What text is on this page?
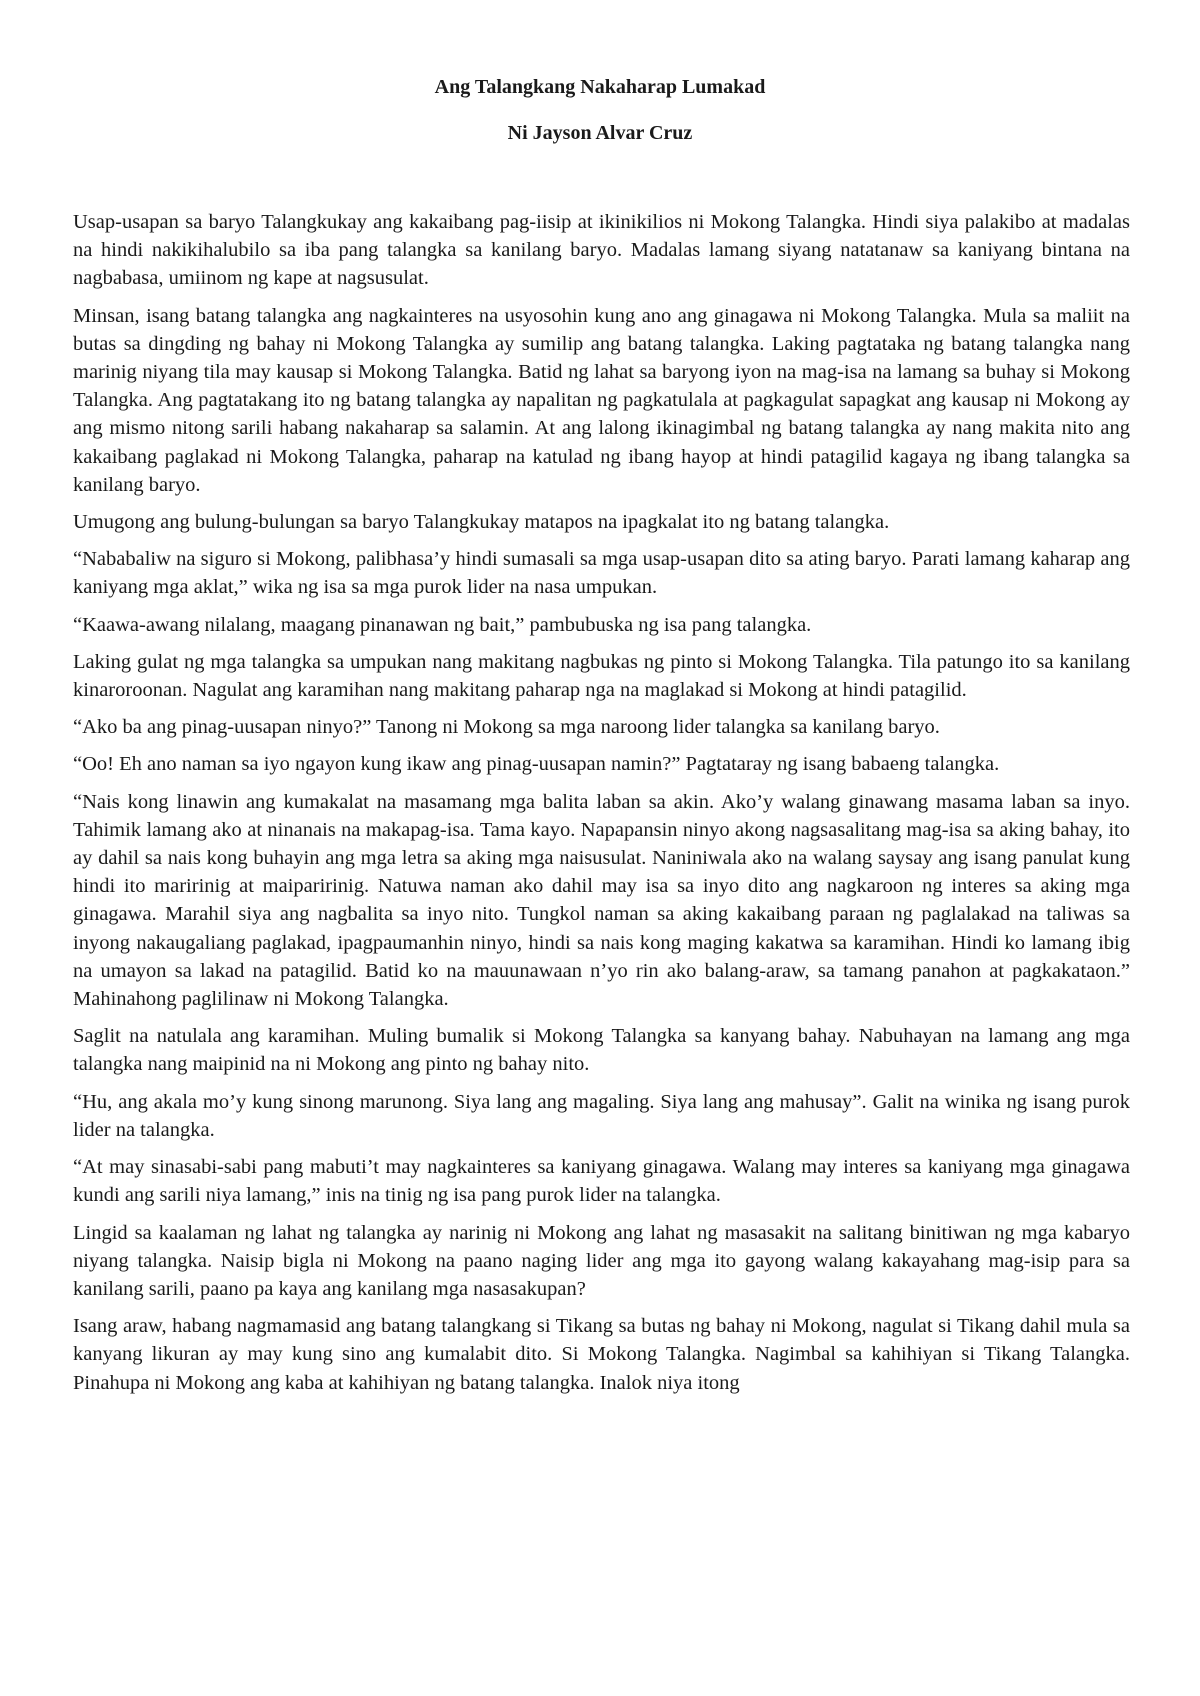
Ang Talangkang Nakaharap Lumakad
Ni Jayson Alvar Cruz

Usap-usapan sa baryo Talangkukay ang kakaibang pag-iisip at ikinikilios ni Mokong Talangka. Hindi siya palakibo at madalas na hindi nakikihalubilo sa iba pang talangka sa kanilang baryo. Madalas lamang siyang natatanaw sa kaniyang bintana na nagbabasa, umiinom ng kape at nagsusulat.

Minsan, isang batang talangka ang nagkainteres na usyosohin kung ano ang ginagawa ni Mokong Talangka. Mula sa maliit na butas sa dingding ng bahay ni Mokong Talangka ay sumilip ang batang talangka. Laking pagtataka ng batang talangka nang marinig niyang tila may kausap si Mokong Talangka. Batid ng lahat sa baryong iyon na mag-isa na lamang sa buhay si Mokong Talangka. Ang pagtatakang ito ng batang talangka ay napalitan ng pagkatulala at pagkagulat sapagkat ang kausap ni Mokong ay ang mismo nitong sarili habang nakaharap sa salamin. At ang lalong ikinagimbal ng batang talangka ay nang makita nito ang kakaibang paglakad ni Mokong Talangka, paharap na katulad ng ibang hayop at hindi patagilid kagaya ng ibang talangka sa kanilang baryo.

Umugong ang bulung-bulungan sa baryo Talangkukay matapos na ipagkalat ito ng batang talangka.

“Nababaliw na siguro si Mokong, palibhasa’y hindi sumasali sa mga usap-usapan dito sa ating baryo. Parati lamang kaharap ang kaniyang mga aklat,” wika ng isa sa mga purok lider na nasa umpukan.

“Kaawa-awang nilalang, maagang pinanawan ng bait,” pambubuska ng isa pang talangka.

Laking gulat ng mga talangka sa umpukan nang makitang nagbukas ng pinto si Mokong Talangka. Tila patungo ito sa kanilang kinaroroonan. Nagulat ang karamihan nang makitang paharap nga na maglakad si Mokong at hindi patagilid.

“Ako ba ang pinag-uusapan ninyo?” Tanong ni Mokong sa mga naroong lider talangka sa kanilang baryo.

“Oo! Eh ano naman sa iyo ngayon kung ikaw ang pinag-uusapan namin?” Pagtataray ng isang babaeng talangka.

“Nais kong linawin ang kumakalat na masamang mga balita laban sa akin. Ako’y walang ginawang masama laban sa inyo. Tahimik lamang ako at ninanais na makapag-isa. Tama kayo. Napapansin ninyo akong nagsasalitang mag-isa sa aking bahay, ito ay dahil sa nais kong buhayin ang mga letra sa aking mga naisusulat. Naniniwala ako na walang saysay ang isang panulat kung hindi ito maririnig at maiparirinig. Natuwa naman ako dahil may isa sa inyo dito ang nagkaroon ng interes sa aking mga ginagawa. Marahil siya ang nagbalita sa inyo nito. Tungkol naman sa aking kakaibang paraan ng paglalakad na taliwas sa inyong nakaugaliang paglakad, ipagpaumanhin ninyo, hindi sa nais kong maging kakatwa sa karamihan. Hindi ko lamang ibig na umayon sa lakad na patagilid. Batid ko na mauunawaan n’yo rin ako balang-araw, sa tamang panahon at pagkakataon.” Mahinahong paglilinaw ni Mokong Talangka.

Saglit na natulala ang karamihan. Muling bumalik si Mokong Talangka sa kanyang bahay. Nabuhayan na lamang ang mga talangka nang maipinid na ni Mokong ang pinto ng bahay nito.

“Hu, ang akala mo’y kung sinong marunong. Siya lang ang magaling. Siya lang ang mahusay”. Galit na winika ng isang purok lider na talangka.

“At may sinasabi-sabi pang mabuti’t may nagkainteres sa kaniyang ginagawa. Walang may interes sa kaniyang mga ginagawa kundi ang sarili niya lamang,” inis na tinig ng isa pang purok lider na talangka.

Lingid sa kaalaman ng lahat ng talangka ay narinig ni Mokong ang lahat ng masasakit na salitang binitiwan ng mga kabaryo niyang talangka. Naisip bigla ni Mokong na paano naging lider ang mga ito gayong walang kakayahang mag-isip para sa kanilang sarili, paano pa kaya ang kanilang mga nasasakupan?

Isang araw, habang nagmamasid ang batang talangkang si Tikang sa butas ng bahay ni Mokong, nagulat si Tikang dahil mula sa kanyang likuran ay may kung sino ang kumalabit dito. Si Mokong Talangka. Nagimbal sa kahihiyan si Tikang Talangka. Pinahupa ni Mokong ang kaba at kahihiyan ng batang talangka. Inalok niya itong
